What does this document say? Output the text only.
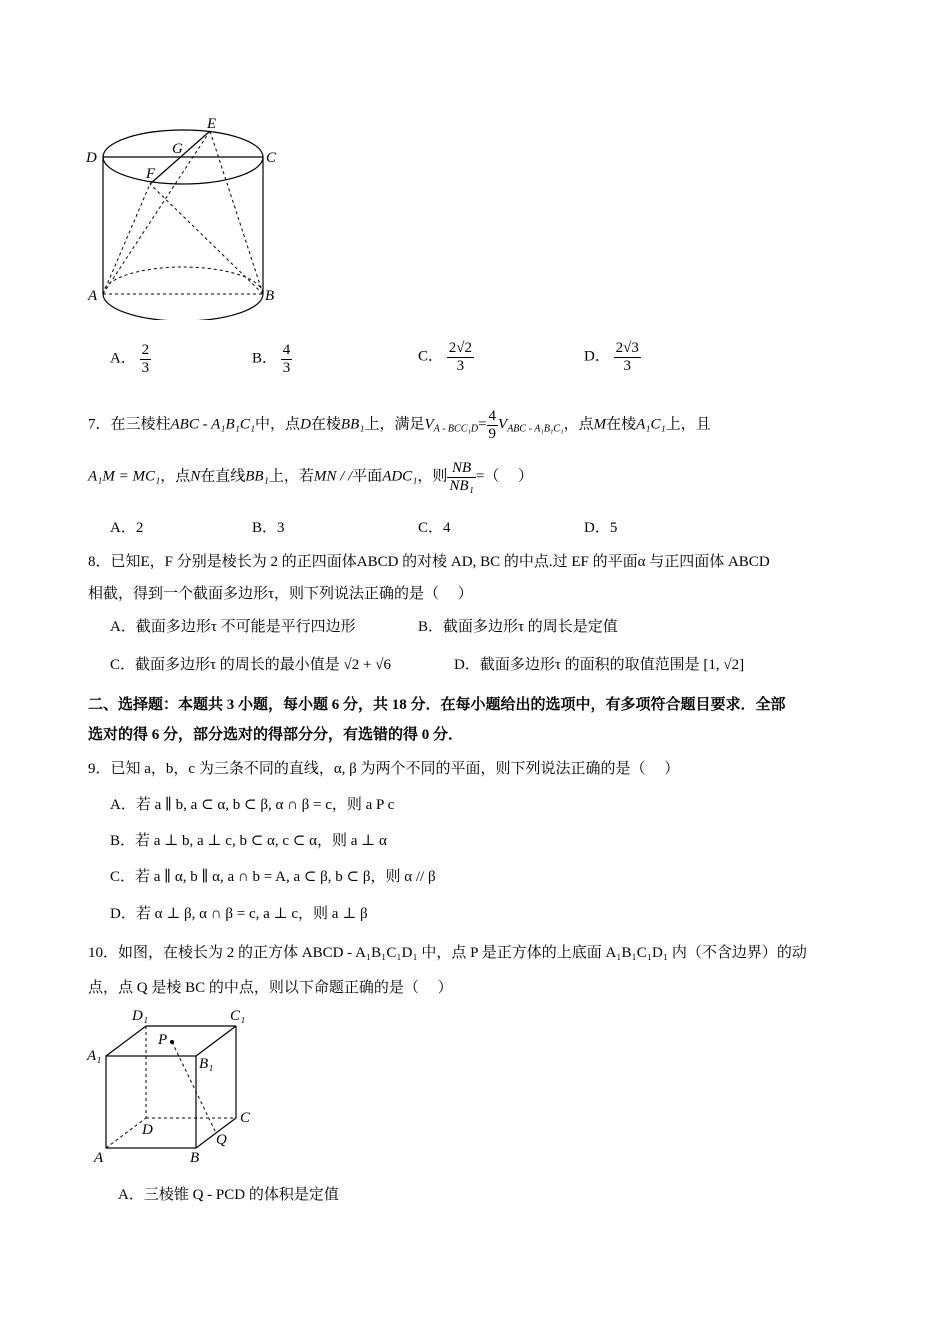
E
D	C
G
F
A	B
A． $\frac{2}{3}$	B． $\frac{4}{3}$	C． $\frac{2√2}{3}$	D． $\frac{2√3}{3}$
7．在三棱柱ABC - A₁B₁C₁中，点D在棱BB₁上，满足$V_{A - BCC_1D}= \frac{4}{9} V_{ABC - A_1B_1C_1}$，点M在棱A₁C₁上，且
A₁M = MC₁，点N在直线BB₁上，若MN / /平面ADC₁，则 $\frac{NB}{\text{NB₁}}$ =（　 ）
A．2	B．3	C．4	D．5
8．已知E，F 分别是棱长为 2 的正四面体ABCD 的对棱 AD, BC 的中点.过 EF 的平面α 与正四面体 ABCD
相截，得到一个截面多边形τ，则下列说法正确的是（　 ）
A．截面多边形τ 不可能是平行四边形	B．截面多边形τ 的周长是定值
C．截面多边形τ 的周长的最小值是 √2 + √6	D．截面多边形τ 的面积的取值范围是 [1, √2]
二、选择题：本题共 3 小题，每小题 6 分，共 18 分．在每小题给出的选项中，有多项符合题目要求．全部
选对的得 6 分，部分选对的得部分分，有选错的得 0 分．
9．已知 a，b，c 为三条不同的直线，α, β 为两个不同的平面，则下列说法正确的是（　 ）
A．若 a ∥ b, a ⊂ α, b ⊂ β, α ∩ β = c，则 a P c
B．若 a ⊥ b, a ⊥ c, b ⊂ α, c ⊂ α，则 a ⊥ α
C．若 a ∥ α, b ∥ α, a ∩ b = A, a ⊂ β, b ⊂ β，则 α // β
D．若 α ⊥ β, α ∩ β = c, a ⊥ c，则 a ⊥ β
10．如图，在棱长为 2 的正方体 ABCD - A₁B₁C₁D₁ 中，点 P 是正方体的上底面 A₁B₁C₁D₁ 内（不含边界）的动
点，点 Q 是棱 BC 的中点，则以下命题正确的是（　 ）
D₁	C₁
A₁
P
B₁
C
D
Q
A	B
A．三棱锥 Q - PCD 的体积是定值
